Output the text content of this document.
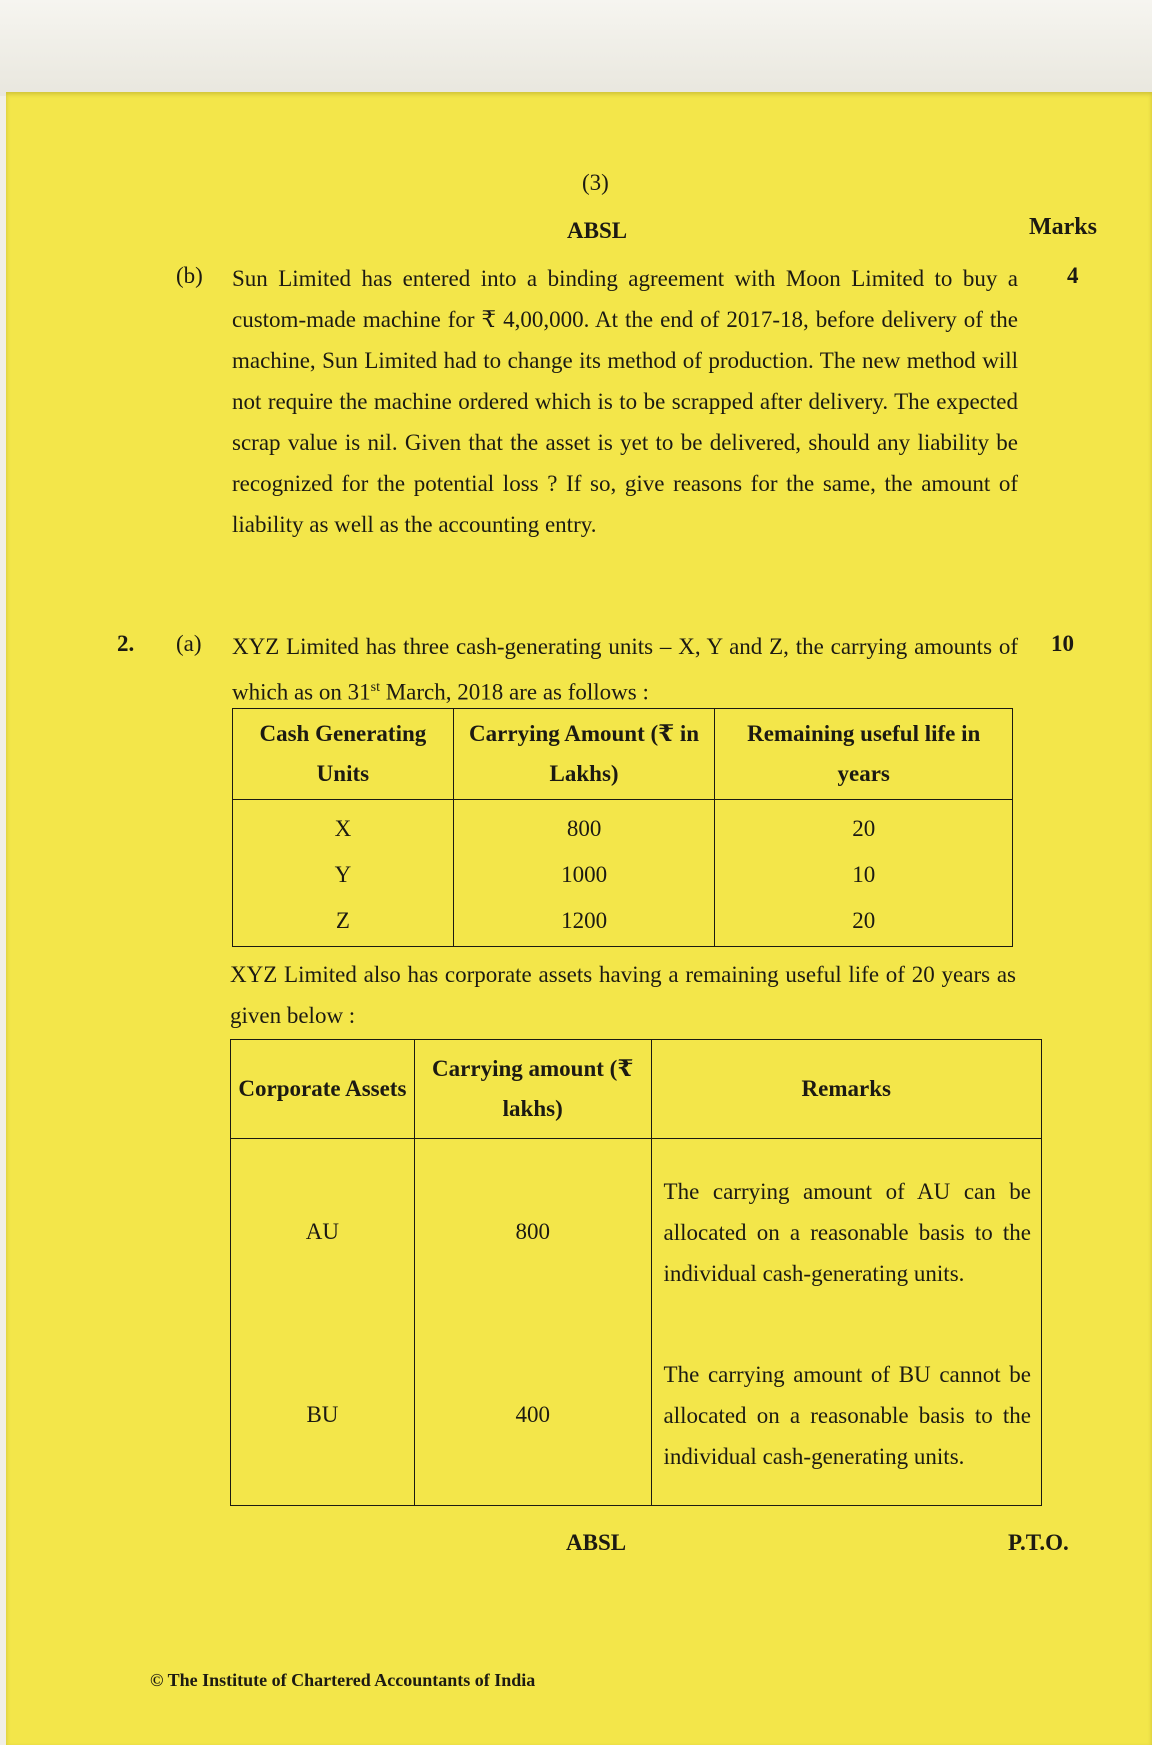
(3)
ABSL	Marks
(b) Sun Limited has entered into a binding agreement with Moon Limited to buy a custom-made machine for ₹ 4,00,000. At the end of 2017-18, before delivery of the machine, Sun Limited had to change its method of production. The new method will not require the machine ordered which is to be scrapped after delivery. The expected scrap value is nil. Given that the asset is yet to be delivered, should any liability be recognized for the potential loss ? If so, give reasons for the same, the amount of liability as well as the accounting entry.
4
2. (a)	10
XYZ Limited has three cash-generating units – X, Y and Z, the carrying amounts of which as on 31st March, 2018 are as follows :
Cash Generating Units	Carrying Amount (₹ in Lakhs)	Remaining useful life in years
X	800	20
Y	1000	10
Z	1200	20
XYZ Limited also has corporate assets having a remaining useful life of 20 years as given below :
Corporate Assets	Carrying amount (₹ lakhs)	Remarks
AU	800	The carrying amount of AU can be allocated on a reasonable basis to the individual cash-generating units.
BU	400	The carrying amount of BU cannot be allocated on a reasonable basis to the individual cash-generating units.
ABSL	P.T.O.
© The Institute of Chartered Accountants of India
